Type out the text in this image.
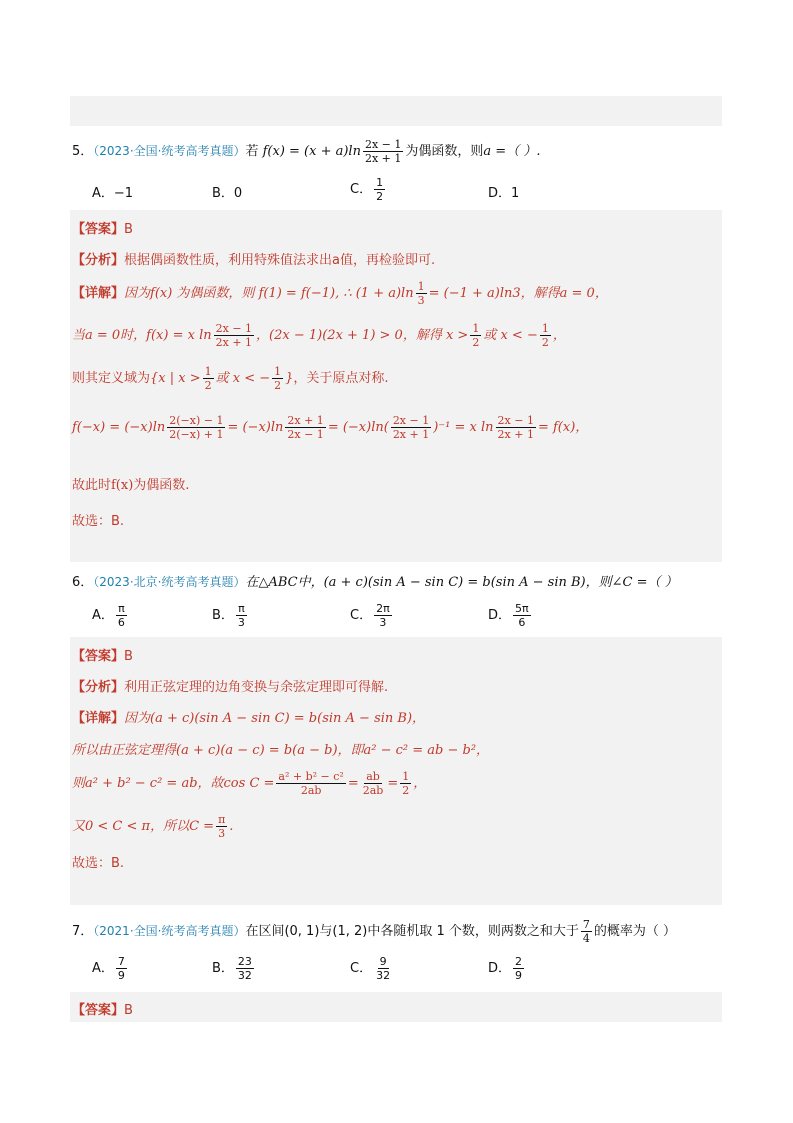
5．（2023·全国·统考高考真题）若 $f(x) = (x + a)\ln \frac{2x - 1}{2x + 1}$ 为偶函数，则a =（ ）.
A．−1	B．0	C． $\frac{1}{2}$	D．1
【答案】B
【分析】根据偶函数性质，利用特殊值法求出a值，再检验即可.
【详解】因为f(x) 为偶函数，则 f(1) = f(−1), ∴ $(1 + a)\ln \frac{1}{3} = (-1 + a)\ln 3$，解得a = 0，
当a = 0时，f(x) = x $\ln \frac{2x - 1}{2x + 1}$ ，(2x − 1)(2x + 1) > 0，解得 $x > \frac{1}{2}$ 或 x < − $\frac{1}{2}$ ，
则其定义域为{x | $x > \frac{1}{2}$ 或 x < − $\frac{1}{2}$ }，关于原点对称.
$f(-x) = (-x)\ln \frac{2(-x) - 1}{2(-x) + 1} = (-x)\ln \frac{2x + 1}{2x - 1} = (-x)\ln( \frac{2x - 1}{2x + 1} )^{-1} = x$ $\ln \frac{2x - 1}{2x + 1} = f(x)$，
故此时f(x)为偶函数.
故选：B.
6．（2023·北京·统考高考真题）在△ABC中，(a + c)(sin A − sin C) = b(sin A − sin B)，则∠C =（ ）
A． $\frac{\pi}{6}$	B． $\frac{\pi}{3}$	C． $\frac{2\pi}{3}$	D． $\frac{5\pi}{6}$
【答案】B
【分析】利用正弦定理的边角变换与余弦定理即可得解.
【详解】因为(a + c)(sin A − sin C) = b(sin A − sin B)，
所以由正弦定理得(a + c)(a − c) = b(a − b)，即a² − c² = ab − b²，
则a² + b² − c² = ab，故$\cos C = \frac{\text{a² + b² − c²}}{2ab} = \frac{ab}{2ab} = \frac{1}{2}$ ，
又0 < C < π，所以$C = \frac{\pi}{3}$ .
故选：B.
7．（2021·全国·统考高考真题）在区间(0, 1)与(1, 2)中各随机取 1 个数，则两数之和大于 $\frac{7}{4}$ 的概率为（ ）
A． $\frac{7}{9}$	B． $\frac{23}{32}$	C． $\frac{9}{32}$	D． $\frac{2}{9}$
【答案】B
